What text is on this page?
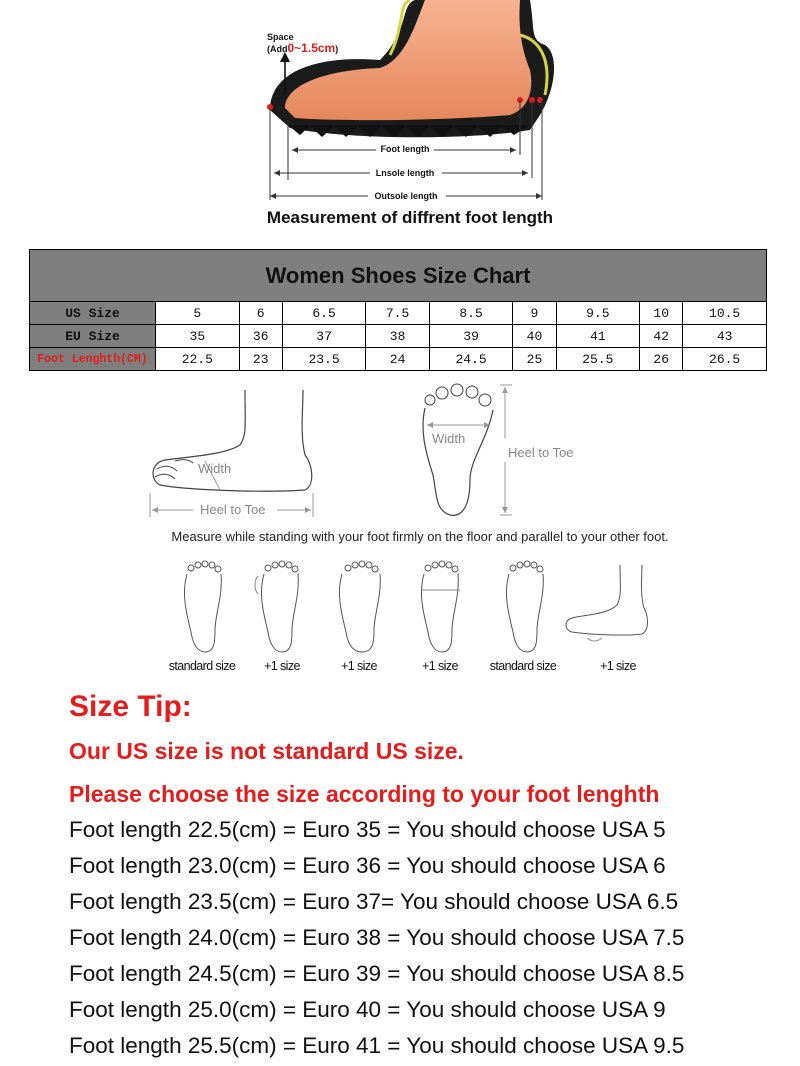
Space
(Add0~1.5cm)
Foot length
Lnsole length
Outsole length
Measurement of diffrent foot length
Women Shoes Size Chart									
US Size	5	6	6.5	7.5	8.5	9	9.5	10	10.5
EU Size	35	36	37	38	39	40	41	42	43
Foot Lenghth(CM)	22.5	23	23.5	24	24.5	25	25.5	26	26.5
Width
Heel to Toe
Width
Heel to Toe
Measure while standing with your foot firmly on the floor and parallel to your other foot.
standard size	+1 size	+1 size	+1 size	standard size	+1 size
Size Tip:
Our US size is not standard US size.
Please choose the size according to your foot lenghth
Foot length 22.5(cm) = Euro 35 = You should choose USA 5
Foot length 23.0(cm) = Euro 36 = You should choose USA 6
Foot length 23.5(cm) = Euro 37= You should choose USA 6.5
Foot length 24.0(cm) = Euro 38 = You should choose USA 7.5
Foot length 24.5(cm) = Euro 39 = You should choose USA 8.5
Foot length 25.0(cm) = Euro 40 = You should choose USA 9
Foot length 25.5(cm) = Euro 41 = You should choose USA 9.5
